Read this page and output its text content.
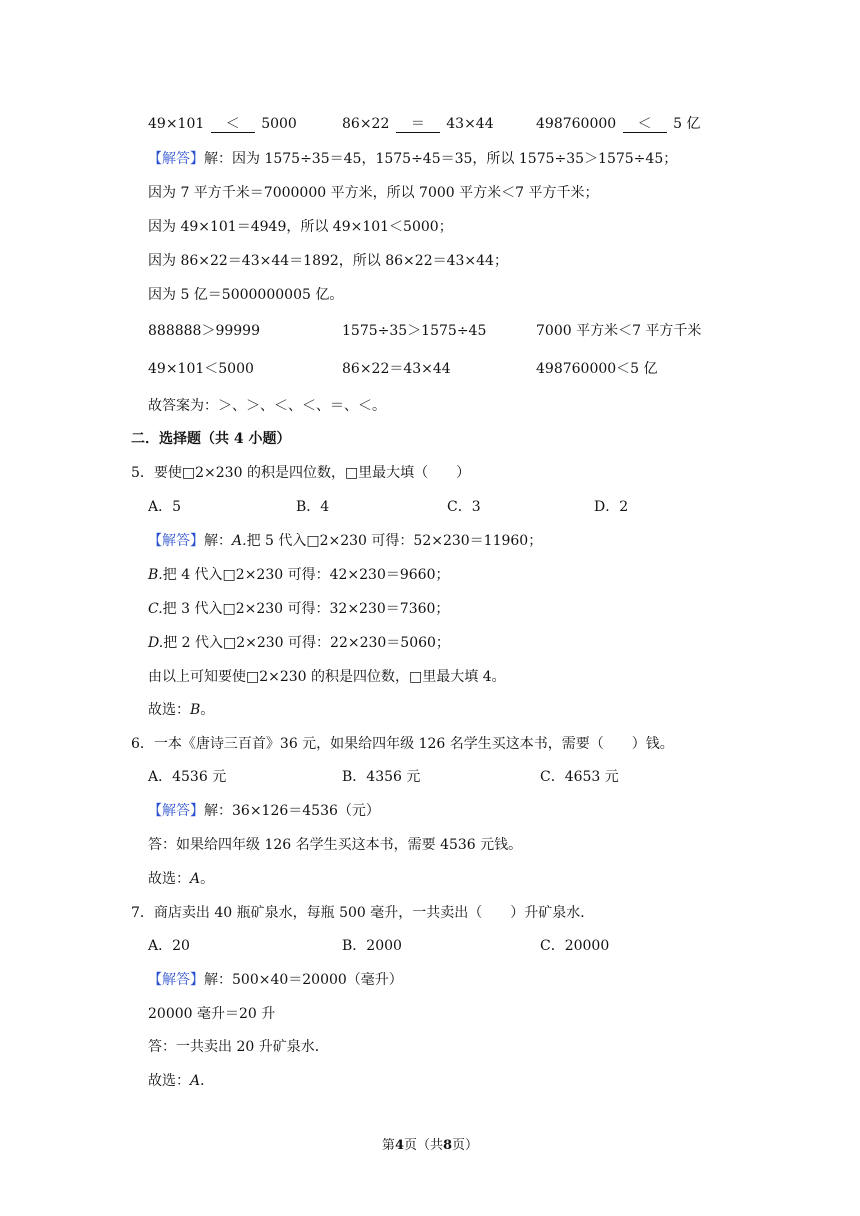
49×101 ＜ 5000	86×22 ＝ 43×44	498760000 ＜ 5 亿
【解答】解：因为 1575÷35＝45，1575÷45＝35，所以 1575÷35＞1575÷45；
因为 7 平方千米＝7000000 平方米，所以 7000 平方米＜7 平方千米；
因为 49×101＝4949，所以 49×101＜5000；
因为 86×22＝43×44＝1892，所以 86×22＝43×44；
因为 5 亿＝5000000005 亿。
888888＞99999	1575÷35＞1575÷45	7000 平方米＜7 平方千米
49×101＜5000	86×22＝43×44	498760000＜5 亿
故答案为：＞、＞、＜、＜、＝、＜。
二．选择题（共 4 小题）
5．要使□2×230 的积是四位数，□里最大填（　　）
A．5	B．4	C．3	D．2
【解答】解：A.把 5 代入□2×230 可得：52×230＝11960；
B.把 4 代入□2×230 可得：42×230＝9660；
C.把 3 代入□2×230 可得：32×230＝7360；
D.把 2 代入□2×230 可得：22×230＝5060；
由以上可知要使□2×230 的积是四位数，□里最大填 4。
故选：B。
6．一本《唐诗三百首》36 元，如果给四年级 126 名学生买这本书，需要（　　）钱。
A．4536 元	B．4356 元	C．4653 元
【解答】解：36×126＝4536（元）
答：如果给四年级 126 名学生买这本书，需要 4536 元钱。
故选：A。
7．商店卖出 40 瓶矿泉水，每瓶 500 毫升，一共卖出（　　）升矿泉水．
A．20	B．2000	C．20000
【解答】解：500×40＝20000（毫升）
20000 毫升＝20 升
答：一共卖出 20 升矿泉水．
故选：A．
第4页（共8页）
